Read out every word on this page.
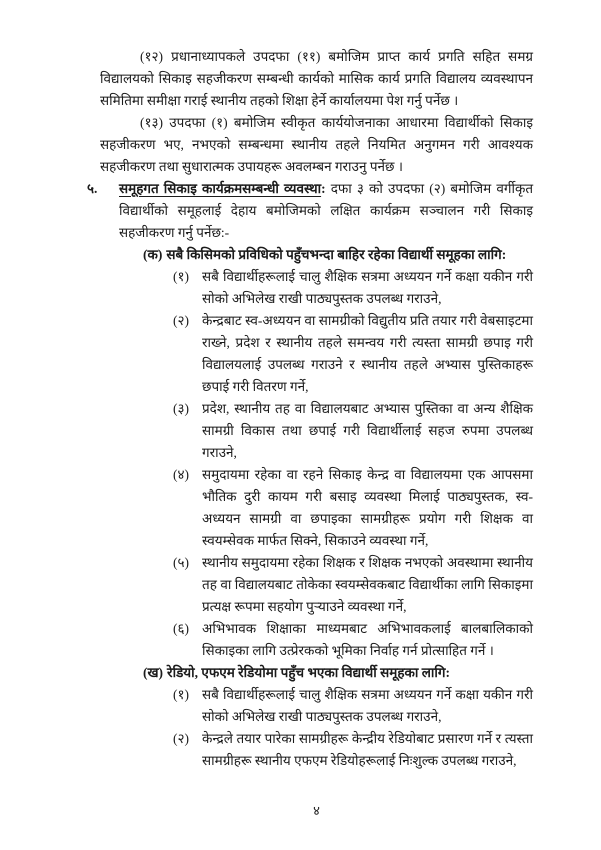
(१२) प्रधानाध्यापकले उपदफा (११) बमोजिम प्राप्त कार्य प्रगति सहित समग्र विद्यालयको सिकाइ सहजीकरण सम्बन्धी कार्यको मासिक कार्य प्रगति विद्यालय व्यवस्थापन समितिमा समीक्षा गराई स्थानीय तहको शिक्षा हेर्ने कार्यालयमा पेश गर्नु पर्नेछ ।

(१३) उपदफा (१) बमोजिम स्वीकृत कार्ययोजनाका आधारमा विद्यार्थीको सिकाइ सहजीकरण भए, नभएको सम्बन्धमा स्थानीय तहले नियमित अनुगमन गरी आवश्यक सहजीकरण तथा सुधारात्मक उपायहरू अवलम्बन गराउनु पर्नेछ ।

५. समूहगत सिकाइ कार्यक्रमसम्बन्धी व्यवस्था: दफा ३ को उपदफा (२) बमोजिम वर्गीकृत विद्यार्थीको समूहलाई देहाय बमोजिमको लक्षित कार्यक्रम सञ्चालन गरी सिकाइ सहजीकरण गर्नु पर्नेछ:-

(क) सबै किसिमको प्रविधिको पहुँचभन्दा बाहिर रहेका विद्यार्थी समूहका लागि:

(१) सबै विद्यार्थीहरूलाई चालु शैक्षिक सत्रमा अध्ययन गर्ने कक्षा यकीन गरी सोको अभिलेख राखी पाठ्यपुस्तक उपलब्ध गराउने,

(२) केन्द्रबाट स्व-अध्ययन वा सामग्रीको विद्युतीय प्रति तयार गरी वेबसाइटमा राख्ने, प्रदेश र स्थानीय तहले समन्वय गरी त्यस्ता सामग्री छपाइ गरी विद्यालयलाई उपलब्ध गराउने र स्थानीय तहले अभ्यास पुस्तिकाहरू छपाई गरी वितरण गर्ने,

(३) प्रदेश, स्थानीय तह वा विद्यालयबाट अभ्यास पुस्तिका वा अन्य शैक्षिक सामग्री विकास तथा छपाई गरी विद्यार्थीलाई सहज रुपमा उपलब्ध गराउने,

(४) समुदायमा रहेका वा रहने सिकाइ केन्द्र वा विद्यालयमा एक आपसमा भौतिक दुरी कायम गरी बसाइ व्यवस्था मिलाई पाठ्यपुस्तक, स्व-अध्ययन सामग्री वा छपाइका सामग्रीहरू प्रयोग गरी शिक्षक वा स्वयम्सेवक मार्फत सिक्ने, सिकाउने व्यवस्था गर्ने,

(५) स्थानीय समुदायमा रहेका शिक्षक र शिक्षक नभएको अवस्थामा स्थानीय तह वा विद्यालयबाट तोकेका स्वयम्सेवकबाट विद्यार्थीका लागि सिकाइमा प्रत्यक्ष रूपमा सहयोग पुऱ्याउने व्यवस्था गर्ने,

(६) अभिभावक शिक्षाका माध्यमबाट अभिभावकलाई बालबालिकाको सिकाइका लागि उत्प्रेरकको भूमिका निर्वाह गर्न प्रोत्साहित गर्ने ।

(ख) रेडियो, एफएम रेडियोमा पहुँच भएका विद्यार्थी समूहका लागि:

(१) सबै विद्यार्थीहरूलाई चालु शैक्षिक सत्रमा अध्ययन गर्ने कक्षा यकीन गरी सोको अभिलेख राखी पाठ्यपुस्तक उपलब्ध गराउने,

(२) केन्द्रले तयार पारेका सामग्रीहरू केन्द्रीय रेडियोबाट प्रसारण गर्ने र त्यस्ता सामग्रीहरू स्थानीय एफएम रेडियोहरूलाई निःशुल्क उपलब्ध गराउने,

४
